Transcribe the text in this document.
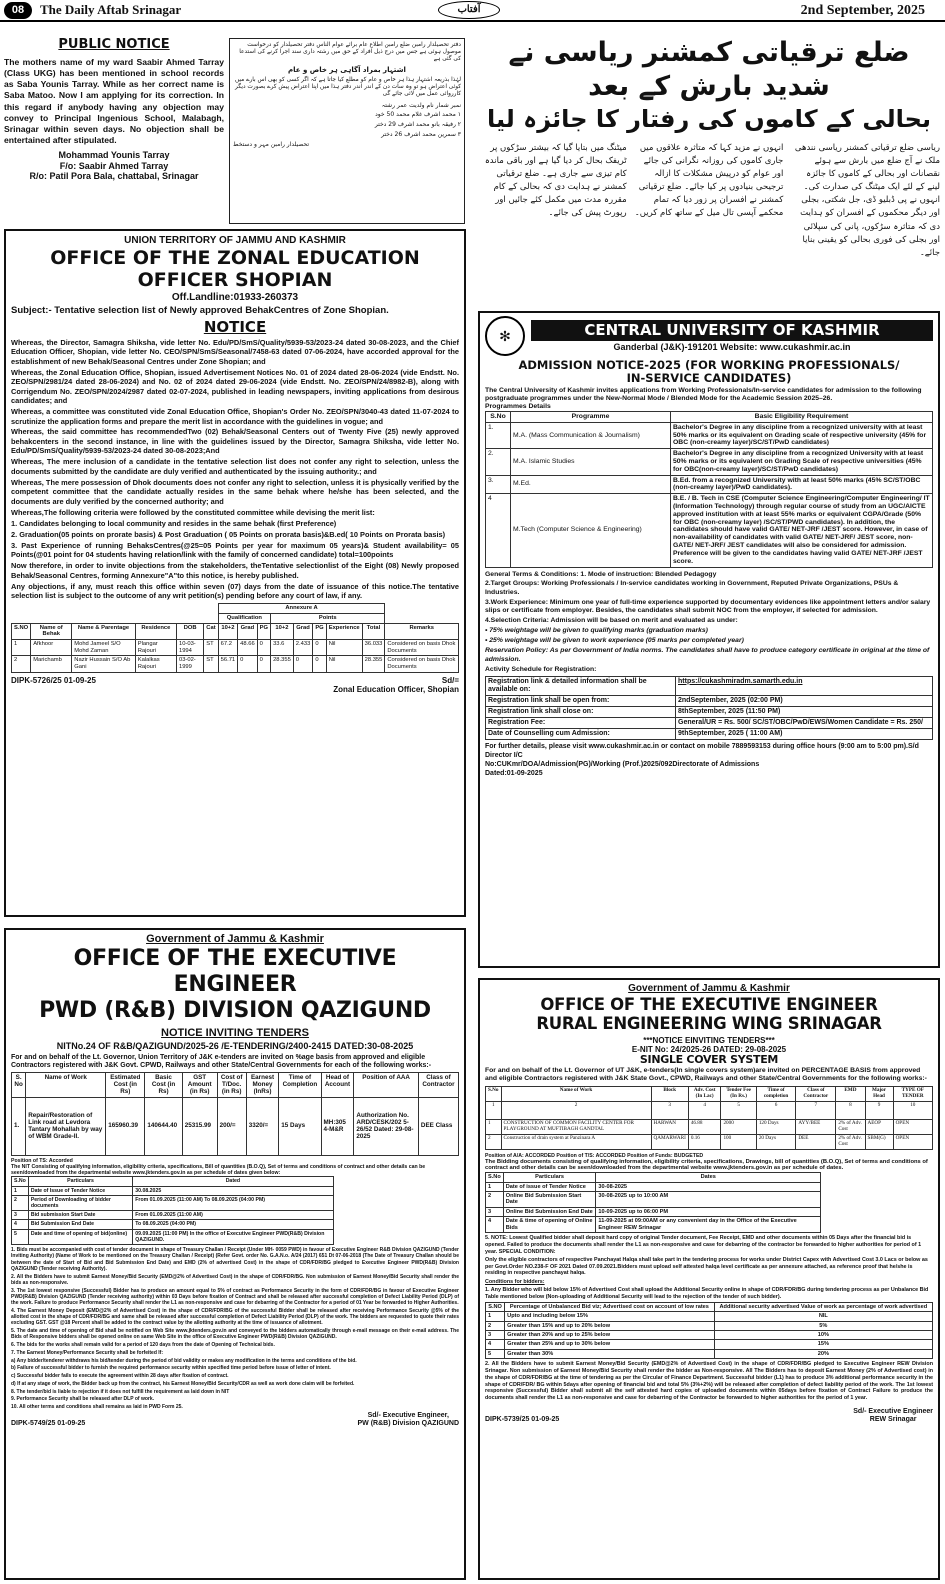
08	The Daily Aftab Srinagar	آفتاب	2nd September, 2025
PUBLIC NOTICE
The mothers name of my ward Saabir Ahmed Tarray (Class UKG) has been mentioned in school records as Saba Younis Tarray. While as her correct name is Saba Matoo. Now I am applying for its correction. In this regard if anybody having any objection may convey to Principal Ingenious School, Malabagh, Srinagar within seven days. No objection shall be entertained after stipulated.
Mohammad Younis Tarray
F/o: Saabir Ahmed Tarray
R/o: Patil Pora Bala, chattabal, Srinagar
دفتر تحصیلدار رامبن ضلع رامبن اطلاع عام برائے عوام الناس دفتر تحصیلدار کو درخواست موصول ہوئی ہے جس میں درج ذیل افراد کے حق میں رشتہ داری سند اجرا کرنے کی استدعا کی گئی ہے
اشتہار بمراد آگاہی ہر خاص و عام
لہٰذا بذریعہ اشتہار ہذا ہر خاص و عام کو مطلع کیا جاتا ہے کہ اگر کسی کو بھی اس بارے میں کوئی اعتراض ہو تو وہ سات دن کے اندر اندر دفتر ہذا میں اپنا اعتراض پیش کرے بصورت دیگر کارروائی عمل میں لائی جائے گی
نمبر شمار نام ولدیت عمر رشتہ
۱ محمد اشرف غلام محمد 50 خود
۲ رفیقہ بانو محمد اشرف 29 دختر
۳ سمرین محمد اشرف 26 دختر
تحصیلدار رامبن مہر و دستخط
ضلع ترقیاتی کمشنر ریاسی نے شدید بارش کے بعد
بحالی کے کاموں کی رفتار کا جائزہ لیا
ریاسی ضلع ترقیاتی کمشنر ریاسی نندھی ملک نے آج ضلع میں بارش سے ہوئے نقصانات اور بحالی کے کاموں کا جائزہ لینے کے لئے ایک میٹنگ کی صدارت کی۔ انہوں نے پی ڈبلیو ڈی، جل شکتی، بجلی اور دیگر محکموں کے افسران کو ہدایت دی کہ متاثرہ سڑکوں، پانی کی سپلائی اور بجلی کی فوری بحالی کو یقینی بنایا جائے۔
انہوں نے مزید کہا کہ متاثرہ علاقوں میں جاری کاموں کی روزانہ نگرانی کی جائے اور عوام کو درپیش مشکلات کا ازالہ ترجیحی بنیادوں پر کیا جائے۔ ضلع ترقیاتی کمشنر نے افسران پر زور دیا کہ تمام محکمے آپسی تال میل کے ساتھ کام کریں۔
میٹنگ میں بتایا گیا کہ بیشتر سڑکوں پر ٹریفک بحال کر دیا گیا ہے اور باقی ماندہ کام تیزی سے جاری ہے۔ ضلع ترقیاتی کمشنر نے ہدایت دی کہ بحالی کے کام مقررہ مدت میں مکمل کئے جائیں اور رپورٹ پیش کی جائے۔
UNION TERRITORY OF JAMMU AND KASHMIR
OFFICE OF THE ZONAL EDUCATION OFFICER SHOPIAN
Off.Landline:01933-260373
Subject:- Tentative selection list of Newly approved BehakCentres of Zone Shopian.
NOTICE

Whereas, the Director, Samagra Shiksha, vide letter No. Edu/PD/SmS/Quality/5939-53/2023-24 dated 30-08-2023, and the Chief Education Officer, Shopian, vide letter No. CEO/SPN/SmS/Seasonal/7458-63 dated 07-06-2024, have accorded approval for the establishment of new Behak/Seasonal Centres under Zone Shopian; and

Whereas, the Zonal Education Office, Shopian, issued Advertisement Notices No. 01 of 2024 dated 28-06-2024 (vide Endstt. No. ZEO/SPN/2981/24 dated 28-06-2024) and No. 02 of 2024 dated 29-06-2024 (vide Endstt. No. ZEO/SPN/24/8982-B), along with Corrigendum No. ZEO/SPN/2024/2987 dated 02-07-2024, published in leading newspapers, inviting applications from desirous candidates; and

Whereas, a committee was constituted vide Zonal Education Office, Shopian's Order No. ZEO/SPN/3040-43 dated 11-07-2024 to scrutinize the application forms and prepare the merit list in accordance with the guidelines in vogue; and

Whereas, the said committee has recommendedTwo (02) Behak/Seasonal Centers out of Twenty Five (25) newly approved behakcenters in the second instance, in line with the guidelines issued by the Director, Samagra Shiksha, vide letter No. Edu/PD/SmS/Quality/5939-53/2023-24 dated 30-08-2023;And

Whereas, The mere inclusion of a candidate in the tentative selection list does not confer any right to selection, unless the documents submitted by the candidate are duly verified and authenticated by the issuing authority.; and

Whereas, The mere possession of Dhok documents does not confer any right to selection, unless it is physically verified by the competent committee that the candidate actually resides in the same behak where he/she has been selected, and the documents are duly verified by the concerned authority; and

Whereas,The following criteria were followed by the constituted committee while devising the merit list:

1. Candidates belonging to local community and resides in the same behak (first Preference)

2. Graduation(05 points on prorate basis) & Post Graduation ( 05 Points on prorata basis)&B.ed( 10 Points on Prorata basis)

3. Past Experience of running BehaksCentres(@25=05 Points per year for maximum 05 years)& Student availability= 05 Points(@01 point for 04 students having relation/link with the family of concerned candidate) total=100points

Now therefore, in order to invite objections from the stakeholders, theTentative selectionlist of the Eight (08) Newly proposed Behak/Seasonal Centres, forming Annexure"A"to this notice, is hereby published.

Any objections, if any, must reach this office within seven (07) days from the date of issuance of this notice.The tentative selection list is subject to the outcome of any writ petition(s) pending before any court of law, if any.

						Annexure A								
						Qualification			Points					
S.NO	Name of Behak	Name & Parentage	Residence	DOB	Cat	10+2	Grad	PG	10+2	Grad	PG	Experience	Total	Remarks
1	Afkhoor	Mohd Jameel S/O Mohd Zaman	Plangar Rajouri	10-03-1994	ST	67.2	48.66	0	33.6	2.433	0	Nil	36.033	Considered on basis Dhok Documents
2	Marichamb	Nazir Hussain S/O Ab Gani	Kalalkas Rajouri	03-02-1999	ST	56.71	0	0	28.355	0	0	Nil	28.355	Considered on basis Dhok Documents
DIPK-5726/25 01-09-25	Sd/=
Zonal Education Officer, Shopian
✻	CENTRAL UNIVERSITY OF KASHMIR
Ganderbal (J&K)-191201 Website: www.cukashmir.ac.in
ADMISSION NOTICE-2025 (FOR WORKING PROFESSIONALS/
IN-SERVICE CANDIDATES)
The Central University of Kashmir invites applications from Working Professionals/In-service candidates for admission to the following postgraduate programmes under the New-Normal Mode / Blended Mode for the Academic Session 2025–26.
Programmes Details
S.No	Programme	Basic Eligibility Requirement
1.	M.A. (Mass Communication & Journalism)	Bachelor's Degree in any discipline from a recognized university with at least 50% marks or its equivalent on Grading scale of respective university (45% for OBC (non-creamy layer)/SC/ST/PwD candidates)
2.	M.A. Islamic Studies	Bachelor's Degree in any discipline from a recognized University with at least 50% marks or its equivalent on Grading Scale of respective universities (45% for OBC(non-creamy layer)/SC/ST/PwD candidates)
3.	M.Ed.	B.Ed. from a recognized University with at least 50% marks (45% SC/ST/OBC (non-creamy layer)/PwD candidates).
4	M.Tech (Computer Science & Engineering)	B.E. / B. Tech in CSE (Computer Science Engineering/Computer Engineering/ IT (Information Technology) through regular course of study from an UGC/AICTE approved institution with at least 55% marks or equivalent CGPA/Grade (50% for OBC (non-creamy layer) /SC/ST/PWD candidates). In addition, the candidates should have valid GATE/ NET-JRF /JEST score. However, in case of non-availability of candidates with valid GATE/ NET-JRF/ JEST score, non- GATE/ NET-JRF/ JEST candidates will also be considered for admission. Preference will be given to the candidates having valid GATE/ NET-JRF /JEST score.

General Terms & Conditions: 1. Mode of instruction: Blended Pedagogy

2.Target Groups: Working Professionals / In-service candidates working in Government, Reputed Private Organizations, PSUs & Industries.

3.Work Experience: Minimum one year of full-time experience supported by documentary evidences like appointment letters and/or salary slips or certificate from employer. Besides, the candidates shall submit NOC from the employer, if selected for admission.

4.Selection Criteria: Admission will be based on merit and evaluated as under:

• 75% weightage will be given to qualifying marks (graduation marks)

• 25% weightage will be given to work experience (05 marks per completed year)

Reservation Policy: As per Government of India norms. The candidates shall have to produce category certificate in original at the time of admission.

Activity Schedule for Registration:

Registration link & detailed information shall be available on:	https://cukashmiradm.samarth.edu.in
Registration link shall be open from:	2ndSeptember, 2025 (02:00 PM)
Registration link shall close on:	8thSeptember, 2025 (11:50 PM)
Registration Fee:	General/UR = Rs. 500/ SC/ST/OBC/PwD/EWS/Women Candidate = Rs. 250/
Date of Counselling cum Admission:	9thSeptember, 2025 ( 11:00 AM)
For further details, please visit www.cukashmir.ac.in or contact on mobile 7889593153 during office hours (9:00 am to 5:00 pm).S/d Director I/C
No:CUKmr/DOA/Admission(PG)/Working (Prof.)2025/092Directorate of Admissions
Dated:01-09-2025
Government of Jammu & Kashmir
OFFICE OF THE EXECUTIVE ENGINEER
PWD (R&B) DIVISION QAZIGUND
NOTICE INVITING TENDERS
NITNo.24 OF R&B/QAZIGUND/2025-26 /E-TENDERING/2400-2415 DATED:30-08-2025
For and on behalf of the Lt. Governor, Union Territory of J&K e-tenders are invited on %age basis from approved and eligible Contractors registered with J&K Govt. CPWD, Railways and other State/Central Governments for each of the following works:-
S. No	Name of Work	Estimated Cost (in Rs)	Basic Cost (in Rs)	GST Amount (in Rs)	Cost of T/Doc. (in Rs)	Earnest Money (InRs)	Time of Completion	Head of Account	Position of AAA	Class of Contractor
1.	Repair/Restoration of Link road at Levdora Tantary Mohallah by way of WBM Grade-II.	165960.39	140644.40	25315.99	200/=	3320/=	15 Days	MH:305 4-M&R	Authorization No. ARD/CESK/202 5-26/52 Dated: 29-08-2025	DEE Class
Position of TS: Accorded
The NIT Consisting of qualifying information, eligibility criteria, specifications, Bill of quantities (B.O.Q), Set of terms and conditions of contract and other details can be seen/downloaded from the departmental website www.jktenders.gov.in as per schedule of dates given below:
S.No	Particulars	Dated
1	Date of Issue of Tender Notice	30.08.2025
2	Period of Downloading of bidder documents	From 01.09.2025 (11:00 AM) To 08.09.2025 (04:00 PM)
3	Bid submission Start Date	From 01.09.2025 (11:00 AM)
4	Bid Submission End Date	To 08.09.2025 (04:00 PM)
5	Date and time of opening of bid(online)	09.09.2025 (11:00 PM) In the office of Executive Engineer PWD(R&B) Division QAZIGUND.

1. Bids must be accompanied with cost of tender document in shape of Treasury Challan / Receipt (Under MH- 0059 PWD) in favour of Executive Engineer R&B Division QAZIGUND (Tender Inviting Authority) (Name of Work to be mentioned on the Treasury Challan / Receipt) (Refer Govt. order No. G.A.N.o. A/24 (2017) 651 Dt 07-06-2018 (The Date of Treasury Challan should be between the date of Start of Bid and Bid Submission End Date) and EMD (2% of advertised Cost) in the shape of CDR/FDR/BG pledged to Executive Engineer PWD(R&B) Division QAZIGUND (Tender receiving Authority).

2. All the Bidders have to submit Earnest Money/Bid Security (EMD@2% of Advertised Cost) in the shape of CDR/FDR/BG. Non submission of Earnest Money/Bid Security shall render the bids as non-responsive.

3. The 1st lowest responsive (Successful) Bidder has to produce an amount equal to 5% of contract as Performance Security in the form of CDR/FDR/BG in favour of Executive Engineer PWD(R&B) Division QAZIGUND (Tender receiving authority) within 03 Days before fixation of Contract and shall be released after successful completion of Defect Liability Period (DLP) of the work. Failure to produce Performance Security shall render the L1 as non-responsive and case for debarring of the Contractor for a period of 01 Year be forwarded to Higher Authorities.

4. The Earnest Money Deposit (EMD@2% of Advertised Cost) in the shape of CDR/FDR/BG of the successful Bidder shall be released after receiving Performance Security @5% of the allotted cost in the shape of CDR/FDR/BG and same shall be released after successful completion of Defect Liability Period (DLP) of the work. The bidders are requested to quote their rates excluding GST. GST @18 Percent shall be added to the contract value by the allotting authority at the time of issuance of allotment.

5. The date and time of opening of Bid shall be notified on Web Site www.jktenders.gov.in and conveyed to the bidders automatically through e-mail message on their e-mail address. The Bids of Responsive bidders shall be opened online on same Web Site in the office of Executive Engineer PWD(R&B) Division QAZIGUND.

6. The bids for the works shall remain valid for a period of 120 days from the date of Opening of Technical bids.

7. The Earnest Money/Performance Security shall be forfeited If:

a) Any bidder/tenderer withdraws his bid/tender during the period of bid validity or makes any modification in the terms and conditions of the bid.

b) Failure of successful bidder to furnish the required performance security within specified time period before issue of letter of intent.

c) Successful bidder fails to execute the agreement within 28 days after fixation of contract.

d) If at any stage of work, the Bidder back up from the contract, his Earnest Money/Bid Security/CDR as well as work done claim will be forfeited.

8. The tender/bid is liable to rejection if it does not fulfill the requirement as laid down in NIT

9. Performance Security shall be released after DLP of work.

10. All other terms and conditions shall remains as laid in PWD Form 25.

DIPK-5749/25 01-09-25
Sd/- Executive Engineer,
PW (R&B) Division QAZIGUND
Government of Jammu & Kashmir
OFFICE OF THE EXECUTIVE ENGINEER
RURAL ENGINEERING WING SRINAGAR
***NOTICE EINVITING TENDERS***
E-NIT No: 24/2025-26 DATED: 29-08-2025
SINGLE COVER SYSTEM
For and on behalf of the Lt. Governor of UT J&K, e-tenders(In single covers system)are invited on PERCENTAGE BASIS from approved and eligible Contractors registered with J&K State Govt., CPWD, Railways and other State/Central Governments for the following works:-
S.No	Name of Work	Block	Adv. Cost (In Lac)	Tender Fee (In Rs.)	Time of completion	Class of Contractor	EMD	Major Head	TYPE OF TENDER
1	2	3	4	5	6	7	8	9	10
1	CONSTRUCTION OF COMMON FACILITY CENTER FOR PLAYGROUND AT MUFTIBAGH GANDTAL	HARWAN	46.88	2000	120 Days	AYY/BEE	2% of Adv. Cost	AEOP	OPEN
2	Construction of drain system at Panzinara A	QAMARWARI	0.16	100	20 Days	DEE	2% of Adv. Cost	SBM(G)	OPEN
Position of A/A: ACCORDED Position of T/S: ACCORDED Position of Funds: BUDGETED
The Bidding documents consisting of qualifying information, eligibility criteria, specifications, Drawings, bill of quantities (B.O.Q), Set of terms and conditions of contract and other details can be seen/downloaded from the departmental website www.jktenders.gov.in as per schedule of dates.
S.No	Particulars	Dates
1	Date of issue of Tender Notice	30-08-2025
2	Online Bid Submission Start Date	30-08-2025 up to 10:00 AM
3	Online Bid Submission End Date	10-09-2025 up to 06:00 PM
4	Date & time of opening of Online Bids	11-09-2025 at 09:00AM or any convenient day in the Office of the Executive Engineer REW Srinagar

5. NOTE: Lowest Qualified bidder shall deposit hard copy of original Tender document, Fee Receipt, EMD and other documents within 05 Days after the financial bid is opened. Failed to produce the documents shall render the L1 as non-responsive and case for debarring of the contractor be forwarded to higher authorities for period of 1 year. SPECIAL CONDITION:

Only the eligible contractors of respective Panchayat Halqa shall take part in the tendering process for works under District Capex with Advertised Cost 3.0 Lacs or below as per Govt.Order NO.238-F OF 2021 Dated 07.09.2021.Bidders must upload self attested halqa level certificate as per annexure attached, as reference proof that he/she is residing in respective panchayat halqa.

Conditions for bidders:

1. Any Bidder who will bid below 15% of Advertised Cost shall upload the Additional Security online in shape of CDR/FDR/BG during tendering process as per Unbalance Bid Table mentioned below (Non-uploading of Additional Security will lead to the rejection of the tender of such bidder).

S.NO	Percentage of Unbalanced Bid viz; Advertised cost on account of low rates	Additional security advertised Value of work as percentage of work advertised
1	Upto and including below 15%	NIL
2	Greater than 15% and up to 20% below	5%
3	Greater than 20% and up to 25% below	10%
4	Greater than 25% and up to 30% below	15%
5	Greater than 30%	20%
2. All the Bidders have to submit Earnest Money/Bid Security (EMD@2% of Advertised Cost) in the shape of CDR/FDR/BG pledged to Executive Engineer REW Division Srinagar. Non submission of Earnest Money/Bid Security shall render the bidder as Non-responsive. All The Bidders has to deposit Earnest Money (2% of Advertised cost) in the shape of CDR/FDR/BG at the time of tendering as per the Circular of Finance Department. Successful bidder (L1) has to produce 3% additional performance security in the shape of CDR/FDR/ BG within 5days after opening of financial bid and total 5% (3%+2%) will be released after completion of defect liability period of the work. The 1st lowest responsive (Successful) Bidder shall submit all the self attested hard copies of uploaded documents within 05days before fixation of Contract Failure to produce the documents shall render the L1 as non-responsive and case for debarring of the Contractor be forwarded to higher authorities for the period of 1 year.
DIPK-5739/25 01-09-25
Sd/- Executive Engineer
REW Srinagar
